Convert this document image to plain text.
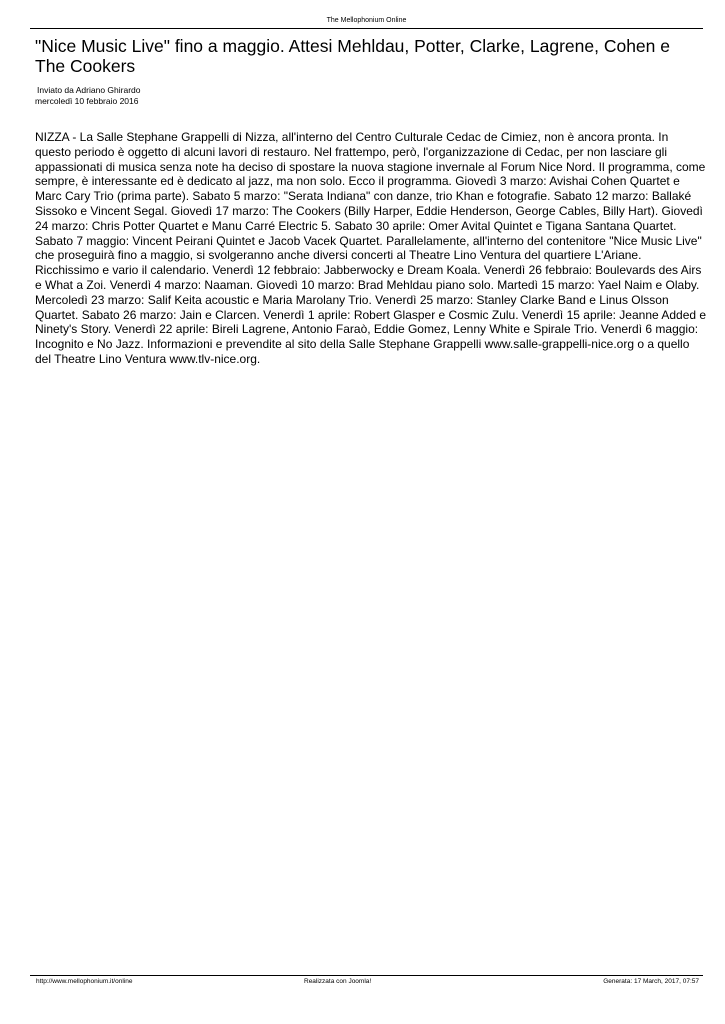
The Mellophonium Online
"Nice Music Live" fino a maggio. Attesi Mehldau, Potter, Clarke, Lagrene, Cohen e The Cookers
Inviato da Adriano Ghirardo
mercoledì 10 febbraio 2016

NIZZA - La Salle Stephane Grappelli di Nizza, all'interno del Centro Culturale Cedac de Cimiez, non è ancora pronta. In questo periodo è oggetto di alcuni lavori di restauro. Nel frattempo, però, l'organizzazione di Cedac, per non lasciare gli appassionati di musica senza note ha deciso di spostare la nuova stagione invernale al Forum Nice Nord. Il programma, come sempre, è interessante ed è dedicato al jazz, ma non solo. Ecco il programma. Giovedì 3 marzo: Avishai Cohen Quartet e Marc Cary Trio (prima parte). Sabato 5 marzo: "Serata Indiana" con danze, trio Khan e fotografie. Sabato 12 marzo: Ballaké Sissoko e Vincent Segal. Giovedì 17 marzo: The Cookers (Billy Harper, Eddie Henderson, George Cables, Billy Hart). Giovedì 24 marzo: Chris Potter Quartet e Manu Carré Electric 5. Sabato 30 aprile: Omer Avital Quintet e Tigana Santana Quartet. Sabato 7 maggio: Vincent Peirani Quintet e Jacob Vacek Quartet. Parallelamente, all'interno del contenitore "Nice Music Live" che proseguirà fino a maggio, si svolgeranno anche diversi concerti al Theatre Lino Ventura del quartiere L'Ariane. Ricchissimo e vario il calendario. Venerdì 12 febbraio: Jabberwocky e Dream Koala. Venerdì 26 febbraio: Boulevards des Airs e What a Zoi. Venerdì 4 marzo: Naaman. Giovedì 10 marzo: Brad Mehldau piano solo. Martedì 15 marzo: Yael Naim e Olaby. Mercoledì 23 marzo: Salif Keita acoustic e Maria Marolany Trio. Venerdì 25 marzo: Stanley Clarke Band e Linus Olsson Quartet. Sabato 26 marzo: Jain e Clarcen. Venerdì 1 aprile: Robert Glasper e Cosmic Zulu. Venerdì 15 aprile: Jeanne Added e Ninety's Story. Venerdì 22 aprile: Bireli Lagrene, Antonio Faraò, Eddie Gomez, Lenny White e Spirale Trio. Venerdì 6 maggio: Incognito e No Jazz. Informazioni e prevendite al sito della Salle Stephane Grappelli www.salle-grappelli-nice.org o a quello del Theatre Lino Ventura www.tlv-nice.org.

http://www.mellophonium.it/online	Realizzata con Joomla!	Generata: 17 March, 2017, 07:57
